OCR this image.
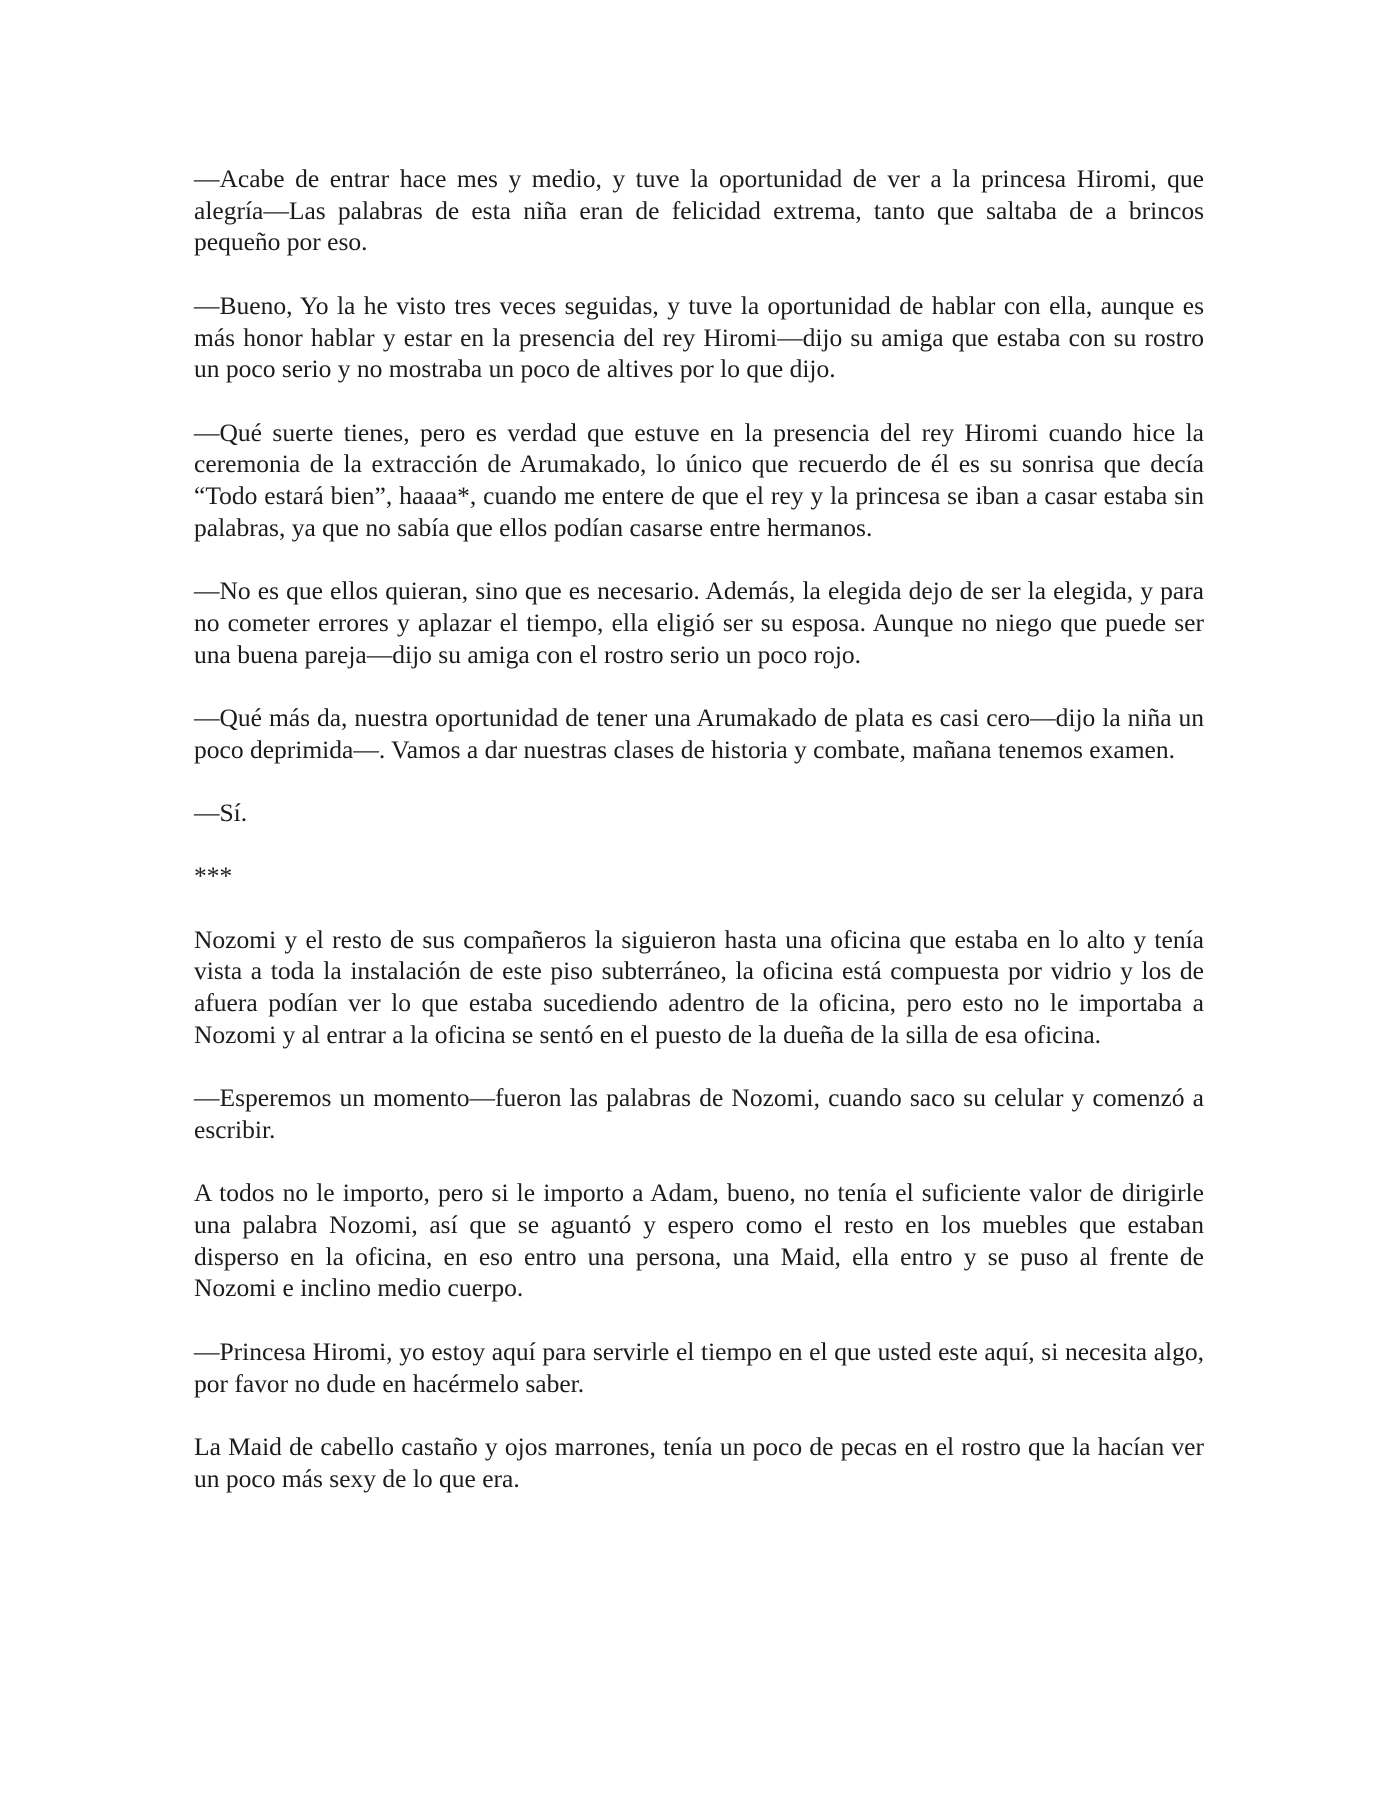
—Acabe de entrar hace mes y medio, y tuve la oportunidad de ver a la princesa Hiromi, que alegría—Las palabras de esta niña eran de felicidad extrema, tanto que saltaba de a brincos pequeño por eso.

—Bueno, Yo la he visto tres veces seguidas, y tuve la oportunidad de hablar con ella, aunque es más honor hablar y estar en la presencia del rey Hiromi—dijo su amiga que estaba con su rostro un poco serio y no mostraba un poco de altives por lo que dijo.

—Qué suerte tienes, pero es verdad que estuve en la presencia del rey Hiromi cuando hice la ceremonia de la extracción de Arumakado, lo único que recuerdo de él es su sonrisa que decía “Todo estará bien”, haaaa*, cuando me entere de que el rey y la princesa se iban a casar estaba sin palabras, ya que no sabía que ellos podían casarse entre hermanos.

—No es que ellos quieran, sino que es necesario. Además, la elegida dejo de ser la elegida, y para no cometer errores y aplazar el tiempo, ella eligió ser su esposa. Aunque no niego que puede ser una buena pareja—dijo su amiga con el rostro serio un poco rojo.

—Qué más da, nuestra oportunidad de tener una Arumakado de plata es casi cero—dijo la niña un poco deprimida—. Vamos a dar nuestras clases de historia y combate, mañana tenemos examen.

—Sí.

***

Nozomi y el resto de sus compañeros la siguieron hasta una oficina que estaba en lo alto y tenía vista a toda la instalación de este piso subterráneo, la oficina está compuesta por vidrio y los de afuera podían ver lo que estaba sucediendo adentro de la oficina, pero esto no le importaba a Nozomi y al entrar a la oficina se sentó en el puesto de la dueña de la silla de esa oficina.

—Esperemos un momento—fueron las palabras de Nozomi, cuando saco su celular y comenzó a escribir.

A todos no le importo, pero si le importo a Adam, bueno, no tenía el suficiente valor de dirigirle una palabra Nozomi, así que se aguantó y espero como el resto en los muebles que estaban disperso en la oficina, en eso entro una persona, una Maid, ella entro y se puso al frente de Nozomi e inclino medio cuerpo.

—Princesa Hiromi, yo estoy aquí para servirle el tiempo en el que usted este aquí, si necesita algo, por favor no dude en hacérmelo saber.

La Maid de cabello castaño y ojos marrones, tenía un poco de pecas en el rostro que la hacían ver un poco más sexy de lo que era.
